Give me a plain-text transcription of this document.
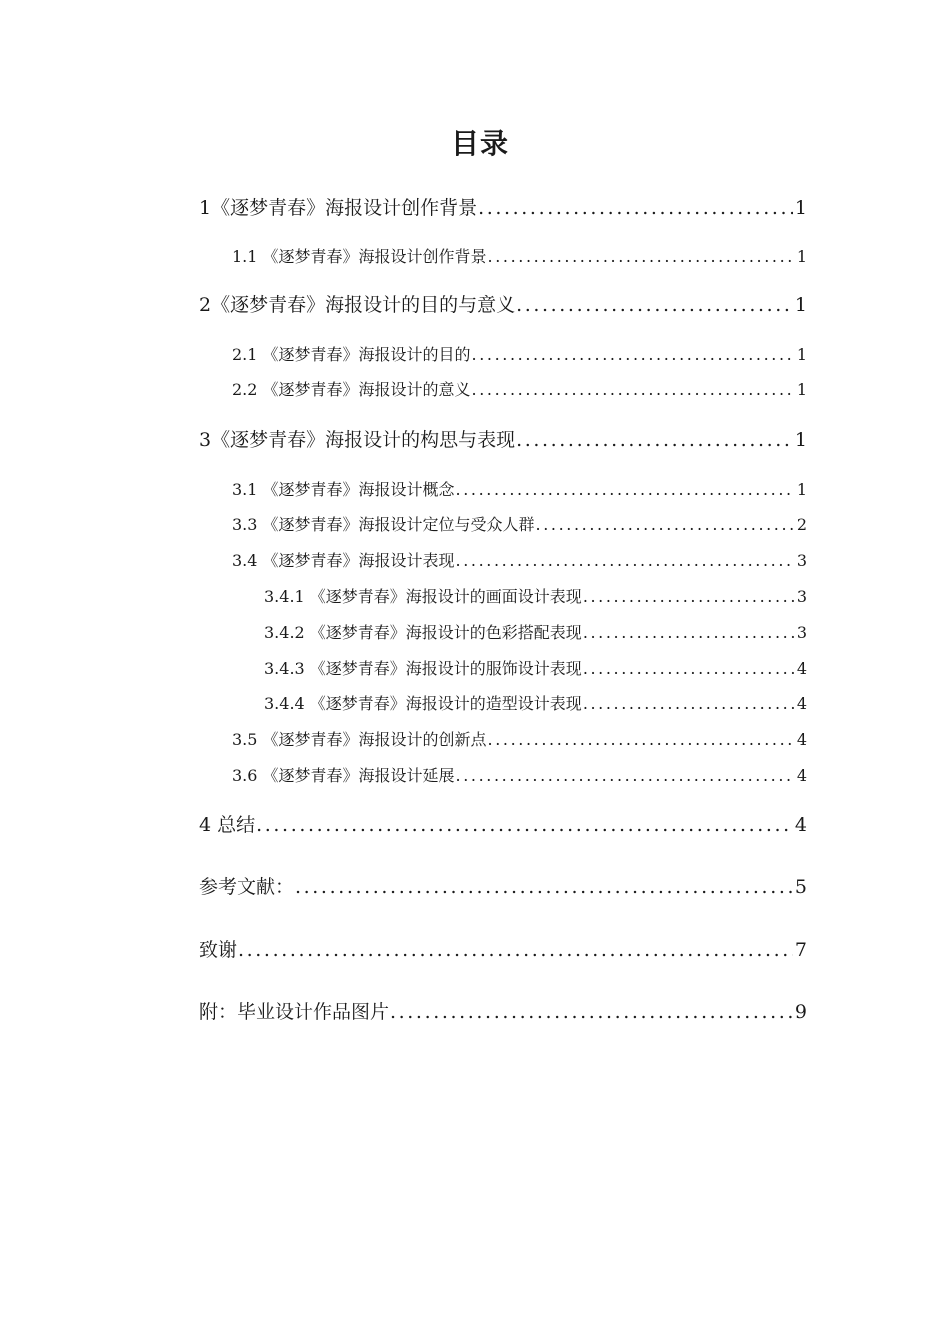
目录
1《逐梦青春》海报设计创作背景 .....	1
1.1 《逐梦青春》海报设计创作背景 .....	1
2《逐梦青春》海报设计的目的与意义 .....	1
2.1 《逐梦青春》海报设计的目的 .....	1
2.2 《逐梦青春》海报设计的意义 .....	1
3《逐梦青春》海报设计的构思与表现 .....	1
3.1 《逐梦青春》海报设计概念 .....	1
3.3 《逐梦青春》海报设计定位与受众人群 .....	2
3.4 《逐梦青春》海报设计表现 .....	3
3.4.1 《逐梦青春》海报设计的画面设计表现 .....	3
3.4.2 《逐梦青春》海报设计的色彩搭配表现 .....	3
3.4.3 《逐梦青春》海报设计的服饰设计表现 .....	4
3.4.4 《逐梦青春》海报设计的造型设计表现 .....	4
3.5 《逐梦青春》海报设计的创新点 .....	4
3.6 《逐梦青春》海报设计延展 .....	4
4 总结 .....	4
参考文献： .....	5
致谢 .....	7
附：毕业设计作品图片 .....	9
